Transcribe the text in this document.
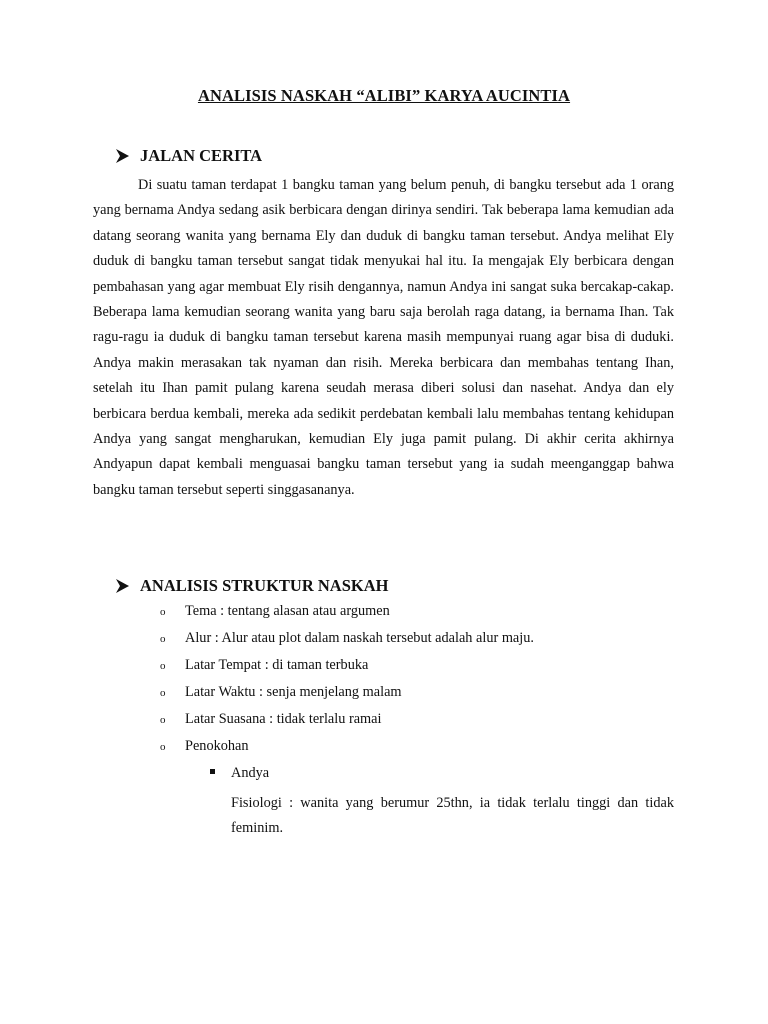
ANALISIS NASKAH “ALIBI” KARYA AUCINTIA
JALAN CERITA

Di suatu taman terdapat 1 bangku taman yang belum penuh, di bangku tersebut ada 1 orang yang bernama Andya sedang asik berbicara dengan dirinya sendiri. Tak beberapa lama kemudian ada datang seorang wanita yang bernama Ely dan duduk di bangku taman tersebut. Andya melihat Ely duduk di bangku taman tersebut sangat tidak menyukai hal itu. Ia mengajak Ely berbicara dengan pembahasan yang agar membuat Ely risih dengannya, namun Andya ini sangat suka bercakap-cakap. Beberapa lama kemudian seorang wanita yang baru saja berolah raga datang, ia bernama Ihan. Tak ragu-ragu ia duduk di bangku taman tersebut karena masih mempunyai ruang agar bisa di duduki. Andya makin merasakan tak nyaman dan risih. Mereka berbicara dan membahas tentang Ihan, setelah itu Ihan pamit pulang karena seudah merasa diberi solusi dan nasehat. Andya dan ely berbicara berdua kembali, mereka ada sedikit perdebatan kembali lalu membahas tentang kehidupan Andya yang sangat mengharukan, kemudian Ely juga pamit pulang. Di akhir cerita akhirnya Andyapun dapat kembali menguasai bangku taman tersebut yang ia sudah meenganggap bahwa bangku taman tersebut seperti singgasananya.

ANALISIS STRUKTUR NASKAH
o	Tema : tentang alasan atau argumen
o	Alur : Alur atau plot dalam naskah tersebut adalah alur maju.
o	Latar Tempat : di taman terbuka
o	Latar Waktu : senja menjelang malam
o	Latar Suasana : tidak terlalu ramai
o	Penokohan
Andya
Fisiologi : wanita yang berumur 25thn, ia tidak terlalu tinggi dan tidak feminim.
